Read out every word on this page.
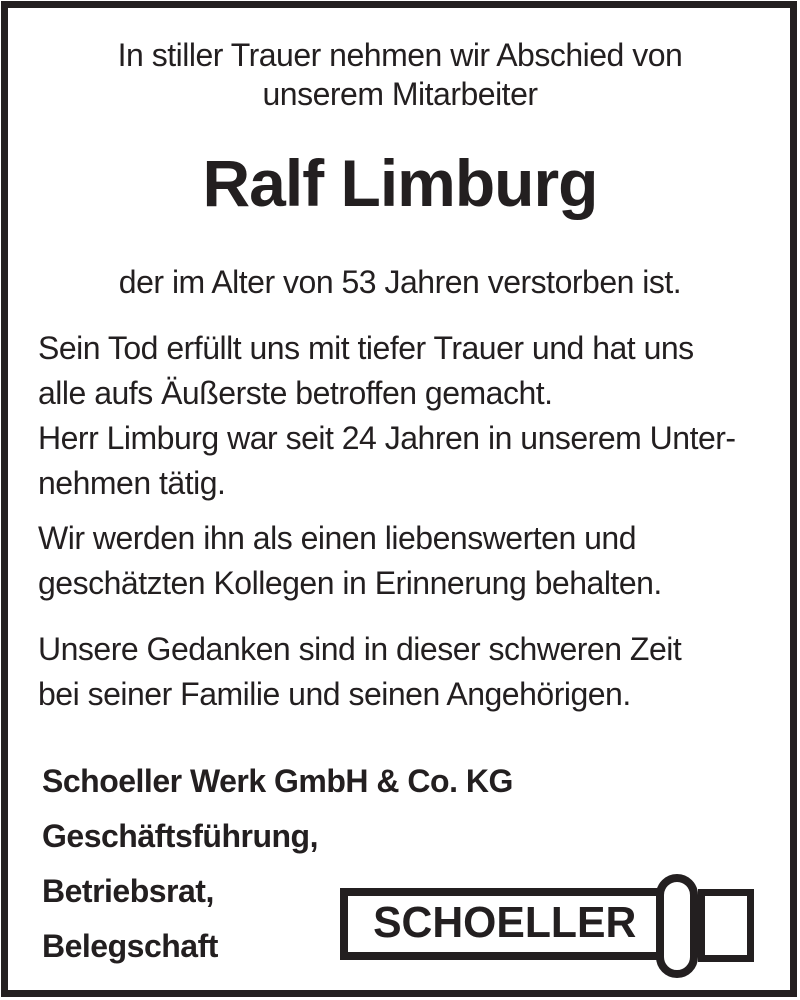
In stiller Trauer nehmen wir Abschied von
unserem Mitarbeiter
Ralf Limburg
der im Alter von 53 Jahren verstorben ist.
Sein Tod erfüllt uns mit tiefer Trauer und hat uns
alle aufs Äußerste betroffen gemacht.
Herr Limburg war seit 24 Jahren in unserem Unter-
nehmen tätig.
Wir werden ihn als einen liebenswerten und
geschätzten Kollegen in Erinnerung behalten.
Unsere Gedanken sind in dieser schweren Zeit
bei seiner Familie und seinen Angehörigen.
Schoeller Werk GmbH & Co. KG
Geschäftsführung,
Betriebsrat,
Belegschaft	SCHOELLER
